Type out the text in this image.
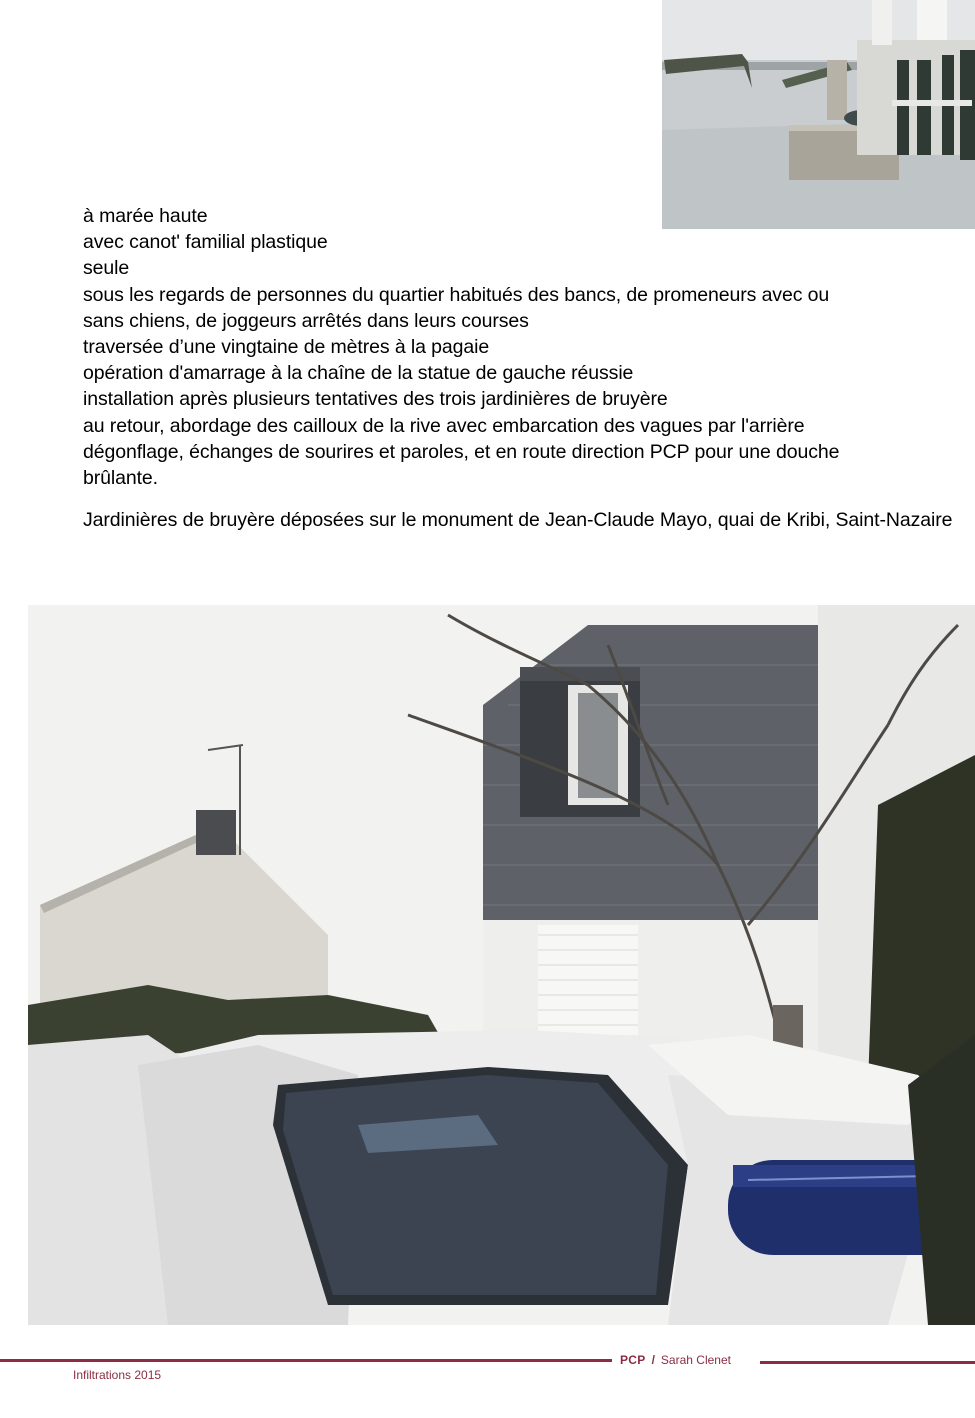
à marée haute
avec canot' familial plastique
seule
sous les regards de personnes du quartier habitués des bancs, de promeneurs avec ou
sans chiens, de joggeurs arrêtés dans leurs courses
traversée d’une vingtaine de mètres à la pagaie
opération d'amarrage à la chaîne de la statue de gauche réussie
installation après plusieurs tentatives des trois jardinières de bruyère
au retour, abordage des cailloux de la rive avec embarcation des vagues par l'arrière
dégonflage, échanges de sourires et paroles, et en route direction PCP pour une douche
brûlante.
Jardinières de bruyère déposées sur le monument de Jean-Claude Mayo, quai de Kribi, Saint-Nazaire
PCP / Sarah Clenet
Infiltrations 2015
